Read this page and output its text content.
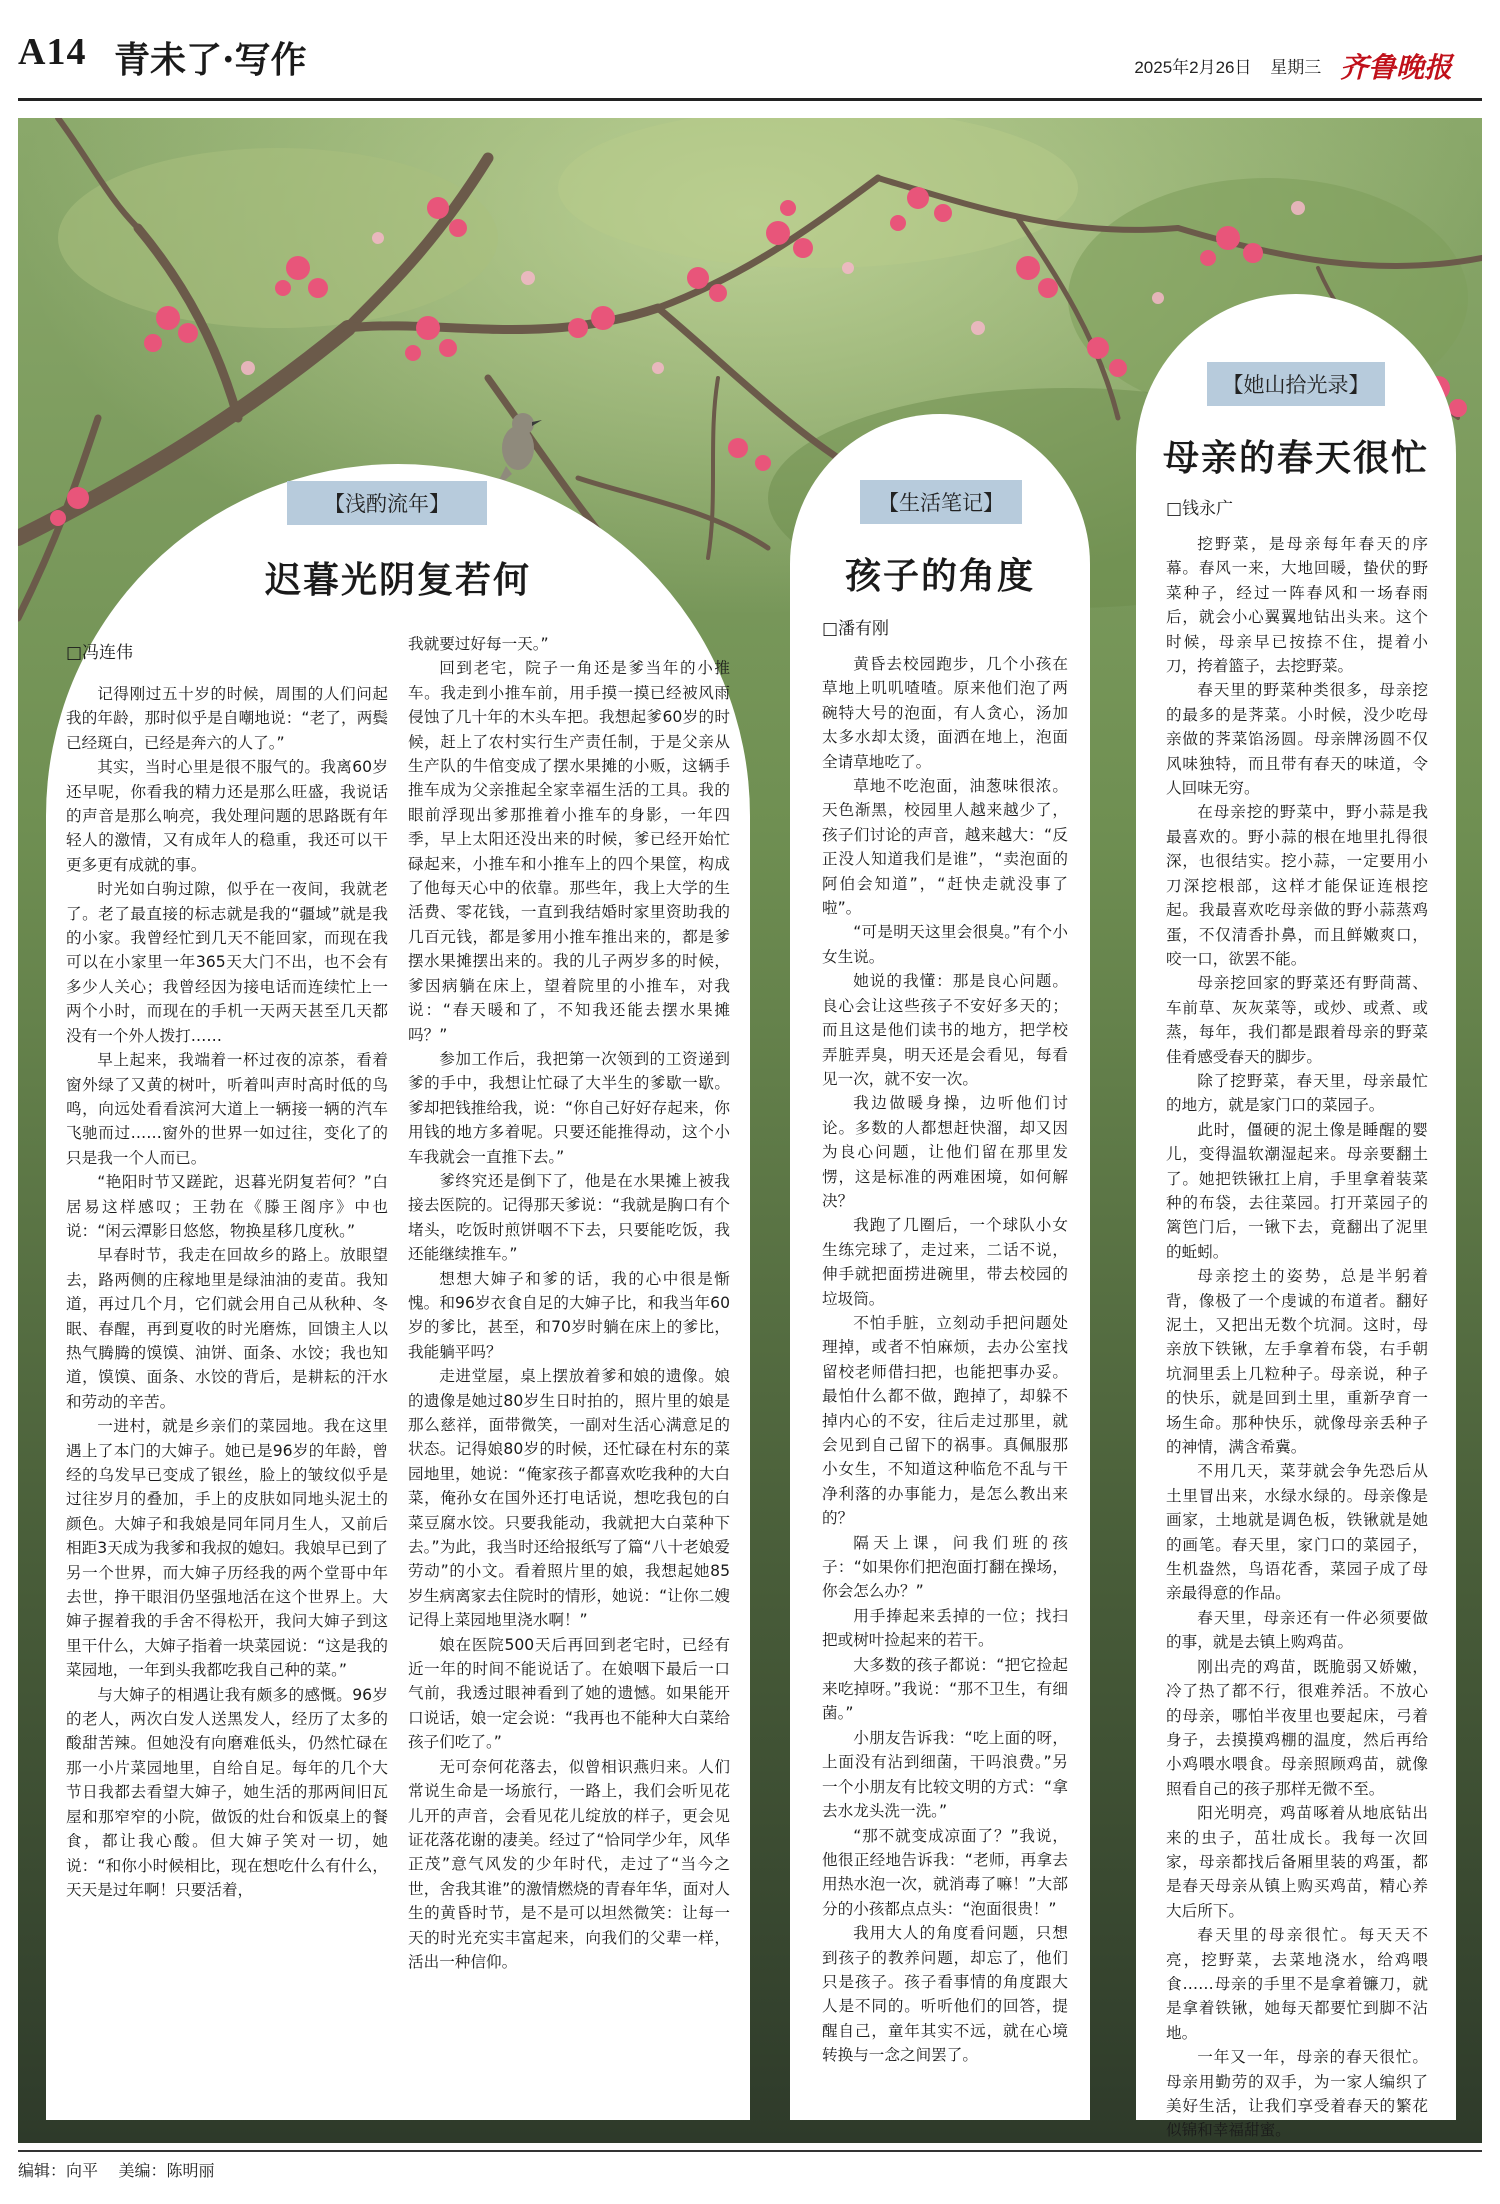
A14 青未了·写作	2025年2月26日 星期三 齐鲁晚报
【浅酌流年】
迟暮光阴复若何
□冯连伟

记得刚过五十岁的时候，周围的人们问起我的年龄，那时似乎是自嘲地说：“老了，两鬓已经斑白，已经是奔六的人了。”

其实，当时心里是很不服气的。我离60岁还早呢，你看我的精力还是那么旺盛，我说话的声音是那么响亮，我处理问题的思路既有年轻人的激情，又有成年人的稳重，我还可以干更多更有成就的事。

时光如白驹过隙，似乎在一夜间，我就老了。老了最直接的标志就是我的“疆域”就是我的小家。我曾经忙到几天不能回家，而现在我可以在小家里一年365天大门不出，也不会有多少人关心；我曾经因为接电话而连续忙上一两个小时，而现在的手机一天两天甚至几天都没有一个外人拨打……

早上起来，我端着一杯过夜的凉茶，看着窗外绿了又黄的树叶，听着叫声时高时低的鸟鸣，向远处看看滨河大道上一辆接一辆的汽车飞驰而过……窗外的世界一如过往，变化了的只是我一个人而已。

“艳阳时节又蹉跎，迟暮光阴复若何？”白居易这样感叹；王勃在《滕王阁序》中也说：“闲云潭影日悠悠，物换星移几度秋。”

早春时节，我走在回故乡的路上。放眼望去，路两侧的庄稼地里是绿油油的麦苗。我知道，再过几个月，它们就会用自己从秋种、冬眠、春醒，再到夏收的时光磨炼，回馈主人以热气腾腾的馍馍、油饼、面条、水饺；我也知道，馍馍、面条、水饺的背后，是耕耘的汗水和劳动的辛苦。

一进村，就是乡亲们的菜园地。我在这里遇上了本门的大婶子。她已是96岁的年龄，曾经的乌发早已变成了银丝，脸上的皱纹似乎是过往岁月的叠加，手上的皮肤如同地头泥土的颜色。大婶子和我娘是同年同月生人，又前后相距3天成为我爹和我叔的媳妇。我娘早已到了另一个世界，而大婶子历经我的两个堂哥中年去世，挣干眼泪仍坚强地活在这个世界上。大婶子握着我的手舍不得松开，我问大婶子到这里干什么，大婶子指着一块菜园说：“这是我的菜园地，一年到头我都吃我自己种的菜。”

与大婶子的相遇让我有颇多的感慨。96岁的老人，两次白发人送黑发人，经历了太多的酸甜苦辣。但她没有向磨难低头，仍然忙碌在那一小片菜园地里，自给自足。每年的几个大节日我都去看望大婶子，她生活的那两间旧瓦屋和那窄窄的小院，做饭的灶台和饭桌上的餐食，都让我心酸。但大婶子笑对一切，她说：“和你小时候相比，现在想吃什么有什么，天天是过年啊！只要活着，

我就要过好每一天。”

回到老宅，院子一角还是爹当年的小推车。我走到小推车前，用手摸一摸已经被风雨侵蚀了几十年的木头车把。我想起爹60岁的时候，赶上了农村实行生产责任制，于是父亲从生产队的牛倌变成了摆水果摊的小贩，这辆手推车成为父亲推起全家幸福生活的工具。我的眼前浮现出爹那推着小推车的身影，一年四季，早上太阳还没出来的时候，爹已经开始忙碌起来，小推车和小推车上的四个果筐，构成了他每天心中的依靠。那些年，我上大学的生活费、零花钱，一直到我结婚时家里资助我的几百元钱，都是爹用小推车推出来的，都是爹摆水果摊摆出来的。我的儿子两岁多的时候，爹因病躺在床上，望着院里的小推车，对我说：“春天暖和了，不知我还能去摆水果摊吗？”

参加工作后，我把第一次领到的工资递到爹的手中，我想让忙碌了大半生的爹歇一歇。爹却把钱推给我，说：“你自己好好存起来，你用钱的地方多着呢。只要还能推得动，这个小车我就会一直推下去。”

爹终究还是倒下了，他是在水果摊上被我接去医院的。记得那天爹说：“我就是胸口有个堵头，吃饭时煎饼咽不下去，只要能吃饭，我还能继续推车。”

想想大婶子和爹的话，我的心中很是惭愧。和96岁衣食自足的大婶子比，和我当年60岁的爹比，甚至，和70岁时躺在床上的爹比，我能躺平吗？

走进堂屋，桌上摆放着爹和娘的遗像。娘的遗像是她过80岁生日时拍的，照片里的娘是那么慈祥，面带微笑，一副对生活心满意足的状态。记得娘80岁的时候，还忙碌在村东的菜园地里，她说：“俺家孩子都喜欢吃我种的大白菜，俺孙女在国外还打电话说，想吃我包的白菜豆腐水饺。只要我能动，我就把大白菜种下去。”为此，我当时还给报纸写了篇“八十老娘爱劳动”的小文。看着照片里的娘，我想起她85岁生病离家去住院时的情形，她说：“让你二嫂记得上菜园地里浇水啊！”

娘在医院500天后再回到老宅时，已经有近一年的时间不能说话了。在娘咽下最后一口气前，我透过眼神看到了她的遗憾。如果能开口说话，娘一定会说：“我再也不能种大白菜给孩子们吃了。”

无可奈何花落去，似曾相识燕归来。人们常说生命是一场旅行，一路上，我们会听见花儿开的声音，会看见花儿绽放的样子，更会见证花落花谢的凄美。经过了“恰同学少年，风华正茂”意气风发的少年时代，走过了“当今之世，舍我其谁”的激情燃烧的青春年华，面对人生的黄昏时节，是不是可以坦然微笑：让每一天的时光充实丰富起来，向我们的父辈一样，活出一种信仰。

【生活笔记】
孩子的角度
□潘有刚

黄昏去校园跑步，几个小孩在草地上叽叽喳喳。原来他们泡了两碗特大号的泡面，有人贪心，汤加太多水却太烫，面洒在地上，泡面全请草地吃了。

草地不吃泡面，油葱味很浓。天色渐黑，校园里人越来越少了，孩子们讨论的声音，越来越大：“反正没人知道我们是谁”，“卖泡面的阿伯会知道”，“赶快走就没事了啦”。

“可是明天这里会很臭。”有个小女生说。

她说的我懂：那是良心问题。良心会让这些孩子不安好多天的；而且这是他们读书的地方，把学校弄脏弄臭，明天还是会看见，每看见一次，就不安一次。

我边做暖身操，边听他们讨论。多数的人都想赶快溜，却又因为良心问题，让他们留在那里发愣，这是标准的两难困境，如何解决？

我跑了几圈后，一个球队小女生练完球了，走过来，二话不说，伸手就把面捞进碗里，带去校园的垃圾筒。

不怕手脏，立刻动手把问题处理掉，或者不怕麻烦，去办公室找留校老师借扫把，也能把事办妥。最怕什么都不做，跑掉了，却躲不掉内心的不安，往后走过那里，就会见到自己留下的祸事。真佩服那小女生，不知道这种临危不乱与干净利落的办事能力，是怎么教出来的？

隔天上课，问我们班的孩子：“如果你们把泡面打翻在操场，你会怎么办？”

用手捧起来丢掉的一位；找扫把或树叶捡起来的若干。

大多数的孩子都说：“把它捡起来吃掉呀。”我说：“那不卫生，有细菌。”

小朋友告诉我：“吃上面的呀，上面没有沾到细菌，干吗浪费。”另一个小朋友有比较文明的方式：“拿去水龙头洗一洗。”

“那不就变成凉面了？”我说，他很正经地告诉我：“老师，再拿去用热水泡一次，就消毒了嘛！”大部分的小孩都点点头：“泡面很贵！”

我用大人的角度看问题，只想到孩子的教养问题，却忘了，他们只是孩子。孩子看事情的角度跟大人是不同的。听听他们的回答，提醒自己，童年其实不远，就在心境转换与一念之间罢了。

【她山拾光录】
母亲的春天很忙
□钱永广

挖野菜，是母亲每年春天的序幕。春风一来，大地回暖，蛰伏的野菜种子，经过一阵春风和一场春雨后，就会小心翼翼地钻出头来。这个时候，母亲早已按捺不住，提着小刀，挎着篮子，去挖野菜。

春天里的野菜种类很多，母亲挖的最多的是荠菜。小时候，没少吃母亲做的荠菜馅汤圆。母亲牌汤圆不仅风味独特，而且带有春天的味道，令人回味无穷。

在母亲挖的野菜中，野小蒜是我最喜欢的。野小蒜的根在地里扎得很深，也很结实。挖小蒜，一定要用小刀深挖根部，这样才能保证连根挖起。我最喜欢吃母亲做的野小蒜蒸鸡蛋，不仅清香扑鼻，而且鲜嫩爽口，咬一口，欲罢不能。

母亲挖回家的野菜还有野茼蒿、车前草、灰灰菜等，或炒、或煮、或蒸，每年，我们都是跟着母亲的野菜佳肴感受春天的脚步。

除了挖野菜，春天里，母亲最忙的地方，就是家门口的菜园子。

此时，僵硬的泥土像是睡醒的婴儿，变得温软潮湿起来。母亲要翻土了。她把铁锹扛上肩，手里拿着装菜种的布袋，去往菜园。打开菜园子的篱笆门后，一锹下去，竟翻出了泥里的蚯蚓。

母亲挖土的姿势，总是半躬着背，像极了一个虔诚的布道者。翻好泥土，又把出无数个坑洞。这时，母亲放下铁锹，左手拿着布袋，右手朝坑洞里丢上几粒种子。母亲说，种子的快乐，就是回到土里，重新孕育一场生命。那种快乐，就像母亲丢种子的神情，满含希冀。

不用几天，菜芽就会争先恐后从土里冒出来，水绿水绿的。母亲像是画家，土地就是调色板，铁锹就是她的画笔。春天里，家门口的菜园子，生机盎然，鸟语花香，菜园子成了母亲最得意的作品。

春天里，母亲还有一件必须要做的事，就是去镇上购鸡苗。

刚出壳的鸡苗，既脆弱又娇嫩，冷了热了都不行，很难养活。不放心的母亲，哪怕半夜里也要起床，弓着身子，去摸摸鸡棚的温度，然后再给小鸡喂水喂食。母亲照顾鸡苗，就像照看自己的孩子那样无微不至。

阳光明亮，鸡苗啄着从地底钻出来的虫子，茁壮成长。我每一次回家，母亲都找后备厢里装的鸡蛋，都是春天母亲从镇上购买鸡苗，精心养大后所下。

春天里的母亲很忙。每天天不亮，挖野菜，去菜地浇水，给鸡喂食……母亲的手里不是拿着镰刀，就是拿着铁锹，她每天都要忙到脚不沾地。

一年又一年，母亲的春天很忙。母亲用勤劳的双手，为一家人编织了美好生活，让我们享受着春天的繁花似锦和幸福甜蜜。

编辑：向平 美编：陈明丽
